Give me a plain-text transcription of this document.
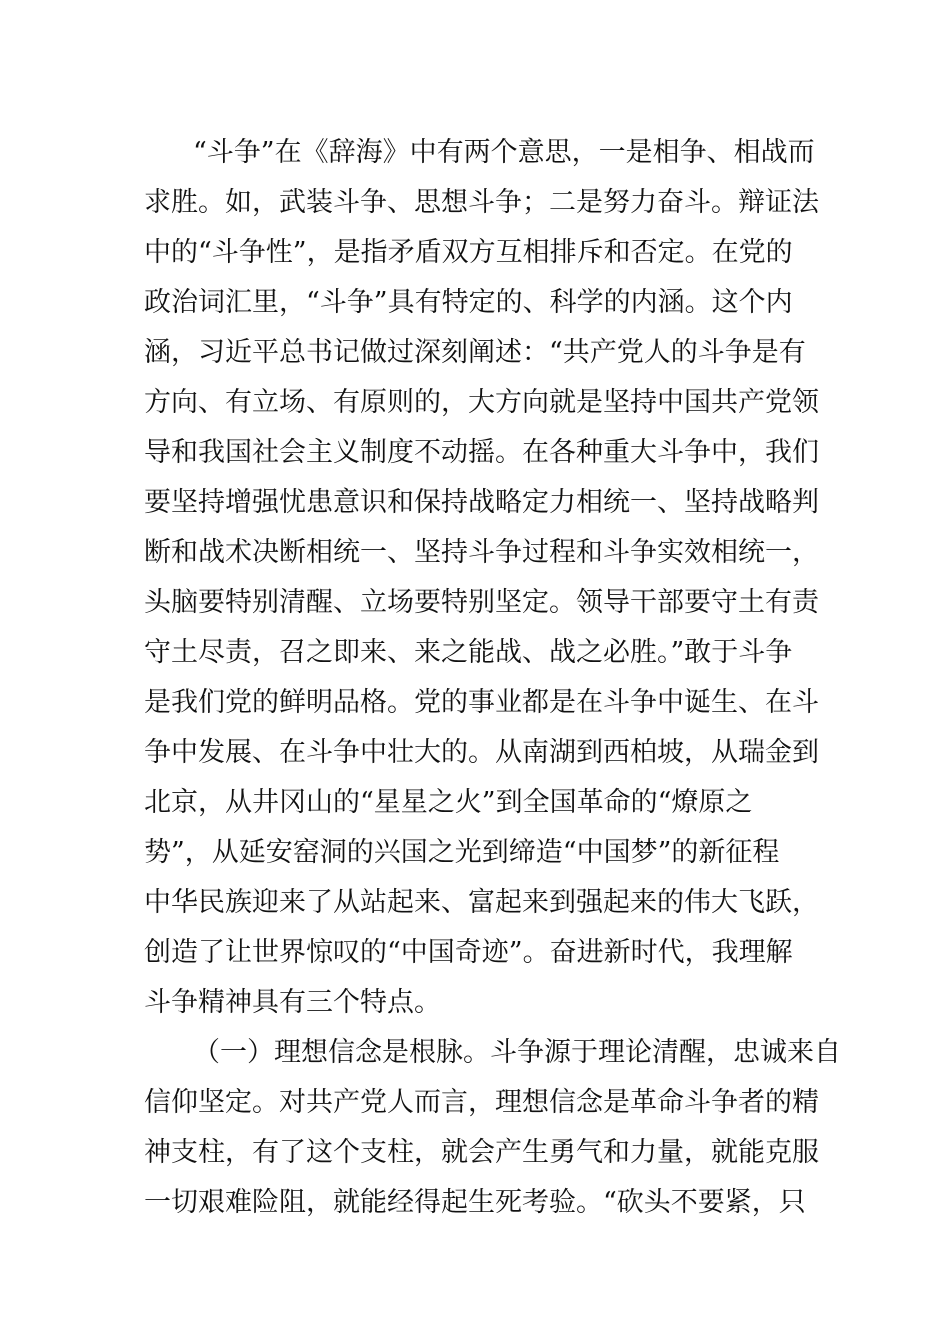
“斗争”在《辞海》中有两个意思，一是相争、相战而
求胜。如，武装斗争、思想斗争；二是努力奋斗。辩证法
中的“斗争性”，是指矛盾双方互相排斥和否定。在党的
政治词汇里，“斗争”具有特定的、科学的内涵。这个内
涵，习近平总书记做过深刻阐述：“共产党人的斗争是有
方向、有立场、有原则的，大方向就是坚持中国共产党领
导和我国社会主义制度不动摇。在各种重大斗争中，我们
要坚持增强忧患意识和保持战略定力相统一、坚持战略判
断和战术决断相统一、坚持斗争过程和斗争实效相统一，
头脑要特别清醒、立场要特别坚定。领导干部要守土有责
守土尽责，召之即来、来之能战、战之必胜。”敢于斗争
是我们党的鲜明品格。党的事业都是在斗争中诞生、在斗
争中发展、在斗争中壮大的。从南湖到西柏坡，从瑞金到
北京，从井冈山的“星星之火”到全国革命的“燎原之
势”，从延安窑洞的兴国之光到缔造“中国梦”的新征程
中华民族迎来了从站起来、富起来到强起来的伟大飞跃，
创造了让世界惊叹的“中国奇迹”。奋进新时代，我理解
斗争精神具有三个特点。
（一）理想信念是根脉。斗争源于理论清醒，忠诚来自
信仰坚定。对共产党人而言，理想信念是革命斗争者的精
神支柱，有了这个支柱，就会产生勇气和力量，就能克服
一切艰难险阻，就能经得起生死考验。“砍头不要紧，只
